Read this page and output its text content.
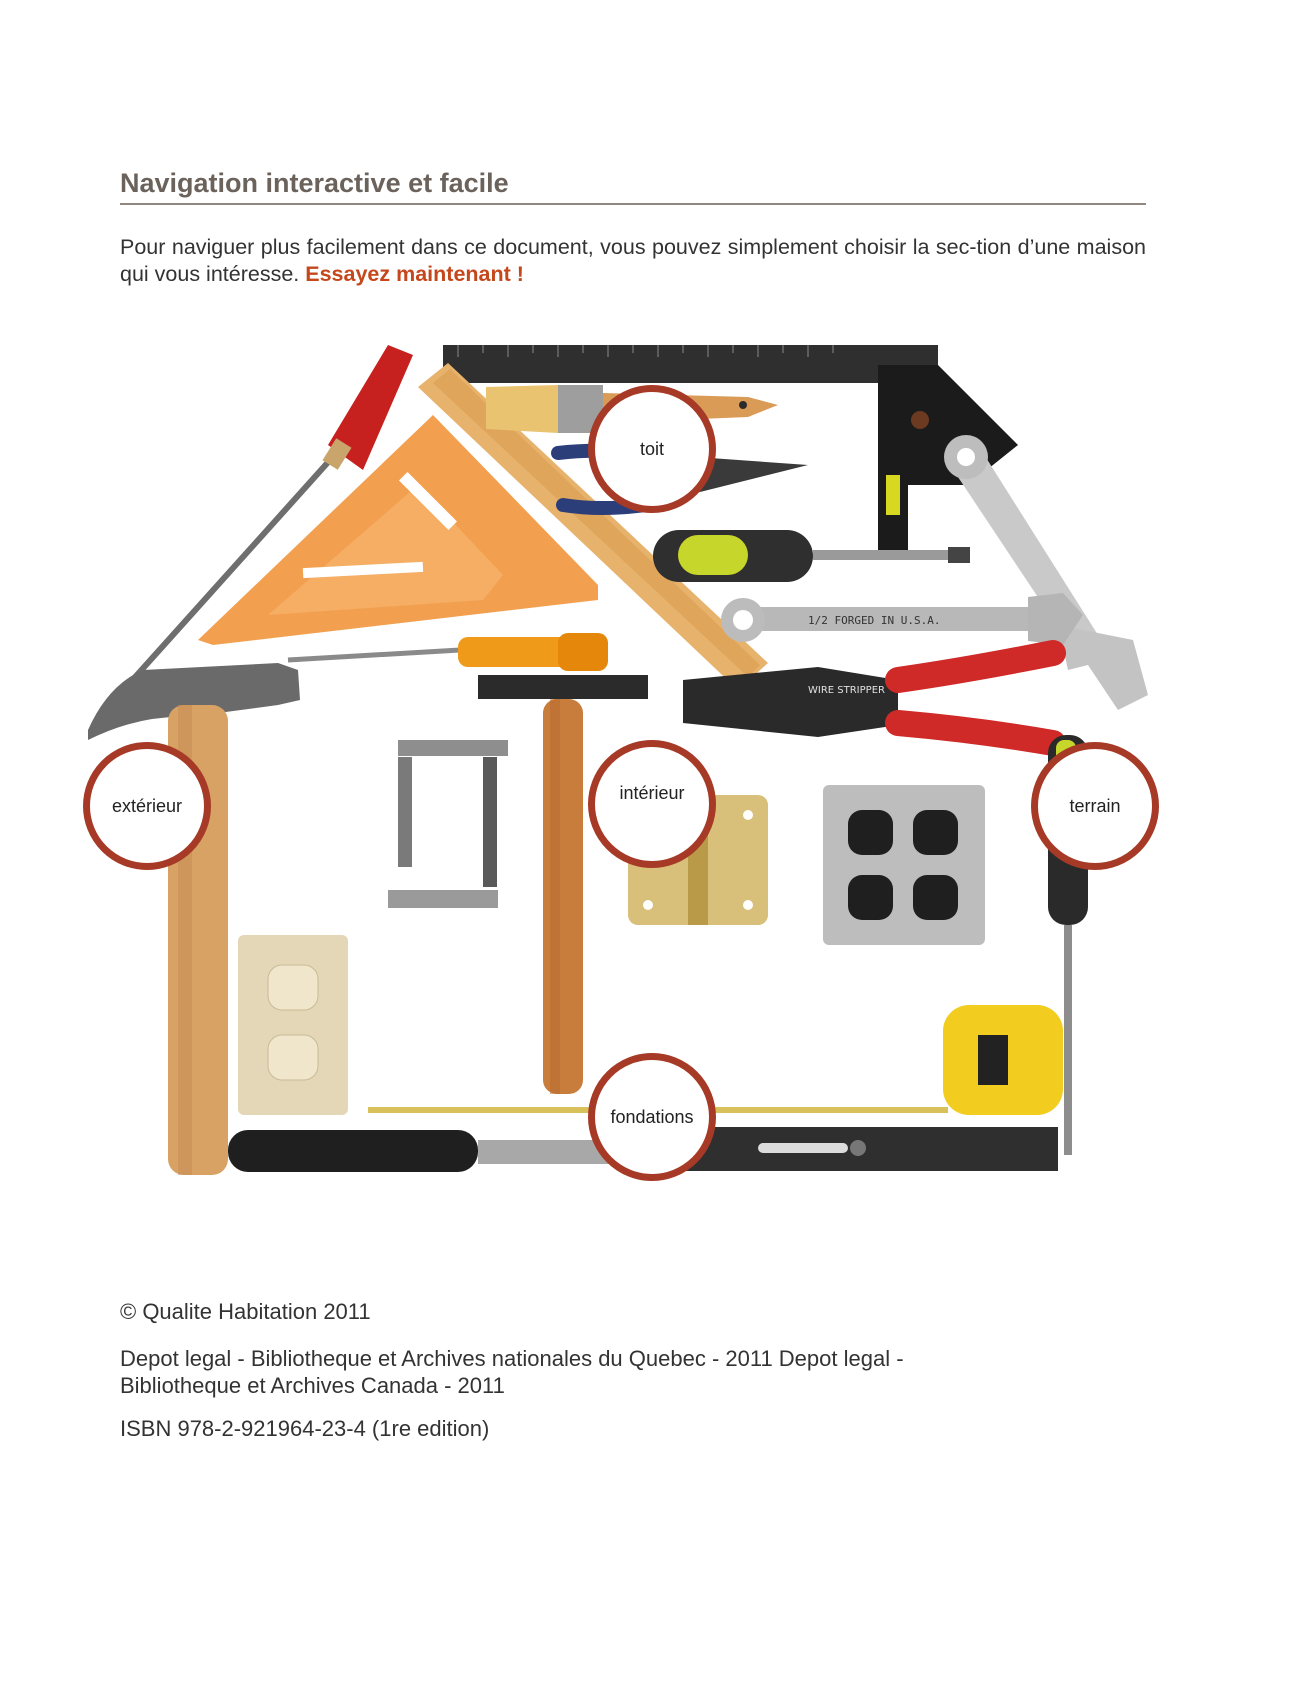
Navigation interactive et facile

Pour naviguer plus facilement dans ce document, vous pouvez simplement choisir la sec-tion d’une maison qui vous intéresse. Essayez maintenant !

1/2 FORGED IN U.S.A.
WIRE STRIPPER
toit
extérieur
intérieur
terrain
fondations

© Qualite Habitation 2011

Depot legal - Bibliotheque et Archives nationales du Quebec - 2011 Depot legal - Bibliotheque et Archives Canada - 2011

ISBN 978-2-921964-23-4 (1re edition)
